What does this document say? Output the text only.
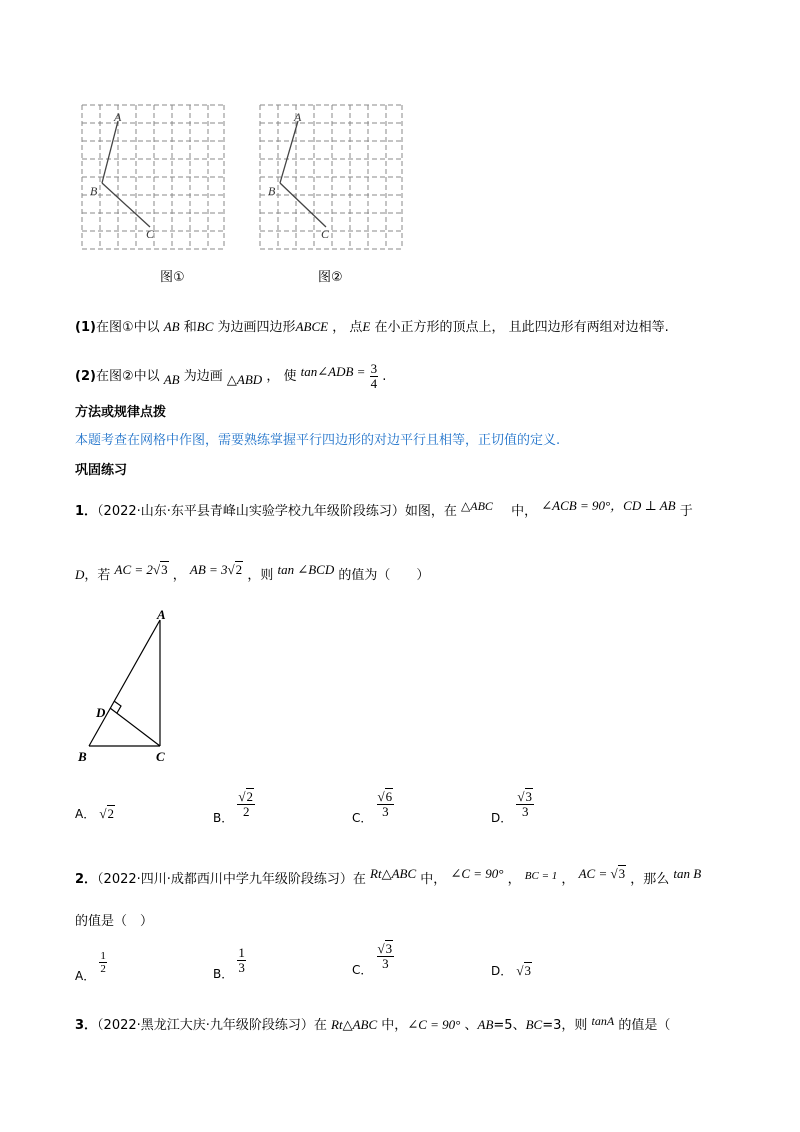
A
B
C
图①
A
B
C
图②
(1)在图①中以 AB 和BC 为边画四边形ABCE ， 点E 在小正方形的顶点上， 且此四边形有两组对边相等.
(2)在图②中以 AB 为边画 △ABD ， 使 tan∠ADB = $\frac{3}{4}$ .
方法或规律点拨
本题考查在网格中作图，需要熟练掌握平行四边形的对边平行且相等，正切值的定义.
巩固练习
1．（2022·山东·东平县青峰山实验学校九年级阶段练习）如图，在 △ABC 中， ∠ACB = 90°，CD ⊥ AB 于
D，若 AC = 2√3 ， AB = 3√2 ，则 tan ∠BCD 的值为（　　）
A
D
B	C
A． √2	B． $\frac{√2}{2}$	C． $\frac{√6}{3}$	D． $\frac{√3}{3}$
2．（2022·四川·成都西川中学九年级阶段练习）在 Rt△ABC 中， ∠C = 90° ， $^{BC = 1}$ ， AC = √3 ，那么 tan B
的值是（　）
A．
$\frac{1}{2}$	B． $\frac{1}{3}$	C． $\frac{√3}{3}$	D． √3
3．（2022·黑龙江大庆·九年级阶段练习）在 Rt△ABC 中，∠C = 90° 、AB=5、BC=3，则 tanA 的值是（
